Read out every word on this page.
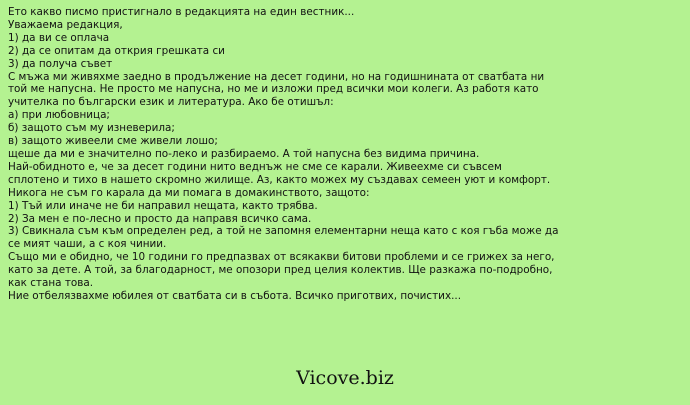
Ето какво писмо пристигнало в редакцията на един вестник...
Уважаема редакция,
1) да ви се оплача
2) да се опитам да открия грешката си
3) да получа съвет
С мъжа ми живяхме заедно в продължение на десет години, но на годишнината от сватбата ни
той ме напусна. Не просто ме напусна, но ме и изложи пред всички мои колеги. Аз работя като
учителка по български език и литература. Ако бе отишъл:
а) при любовница;
б) защото съм му изневерила;
в) защото живеели сме живели лошо;
щеше да ми е значително по-леко и разбираемо. А той напусна без видима причина.
Най-обидното е, че за десет години нито веднъж не сме се карали. Живеехме си съвсем
сплотено и тихо в нашето скромно жилище. Аз, както можех му създавах семеен уют и комфорт.
Никога не съм го карала да ми помага в домакинството, защото:
1) Тъй или иначе не би направил нещата, както трябва.
2) За мен е по-лесно и просто да направя всичко сама.
3) Свикнала съм към определен ред, а той не запомня елементарни неща като с коя гъба може да
се мият чаши, а с коя чинии.
Също ми е обидно, че 10 години го предпазвах от всякакви битови проблеми и се грижех за него,
като за дете. А той, за благодарност, ме опозори пред целия колектив. Ще разкажа по-подробно,
как стана това.
Ние отбелязвахме юбилея от сватбата си в събота. Всичко приготвих, почистих...
Vicove.biz
